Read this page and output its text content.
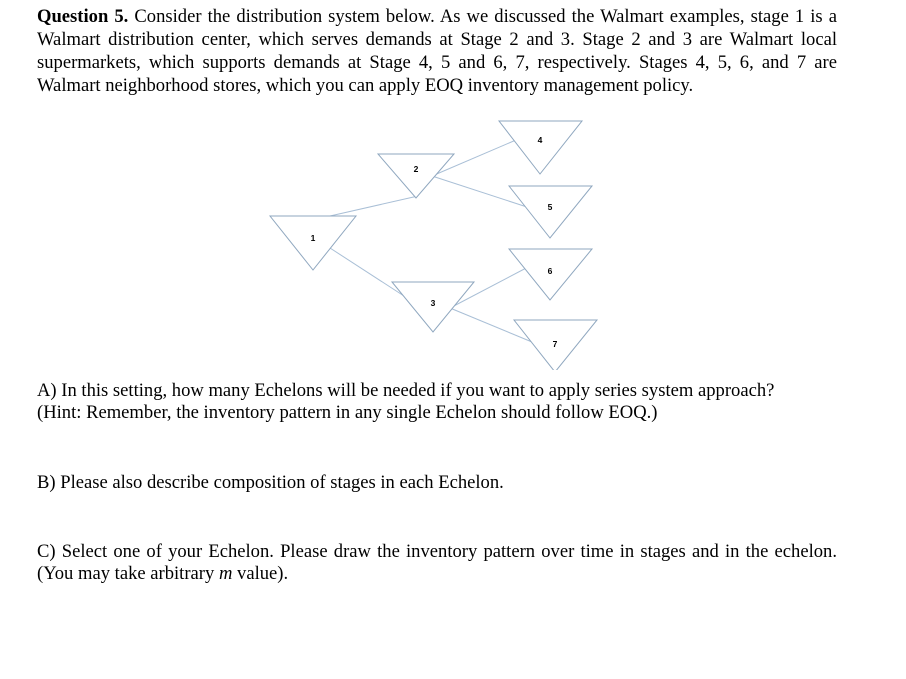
Question 5. Consider the distribution system below. As we discussed the Walmart examples, stage 1 is a Walmart distribution center, which serves demands at Stage 2 and 3. Stage 2 and 3 are Walmart local supermarkets, which supports demands at Stage 4, 5 and 6, 7, respectively. Stages 4, 5, 6, and 7 are Walmart neighborhood stores, which you can apply EOQ inventory management policy.

1
2
3
4
5
6
7

A) In this setting, how many Echelons will be needed if you want to apply series system approach?
(Hint: Remember, the inventory pattern in any single Echelon should follow EOQ.)

B) Please also describe composition of stages in each Echelon.

C) Select one of your Echelon. Please draw the inventory pattern over time in stages and in the echelon. (You may take arbitrary m value).
